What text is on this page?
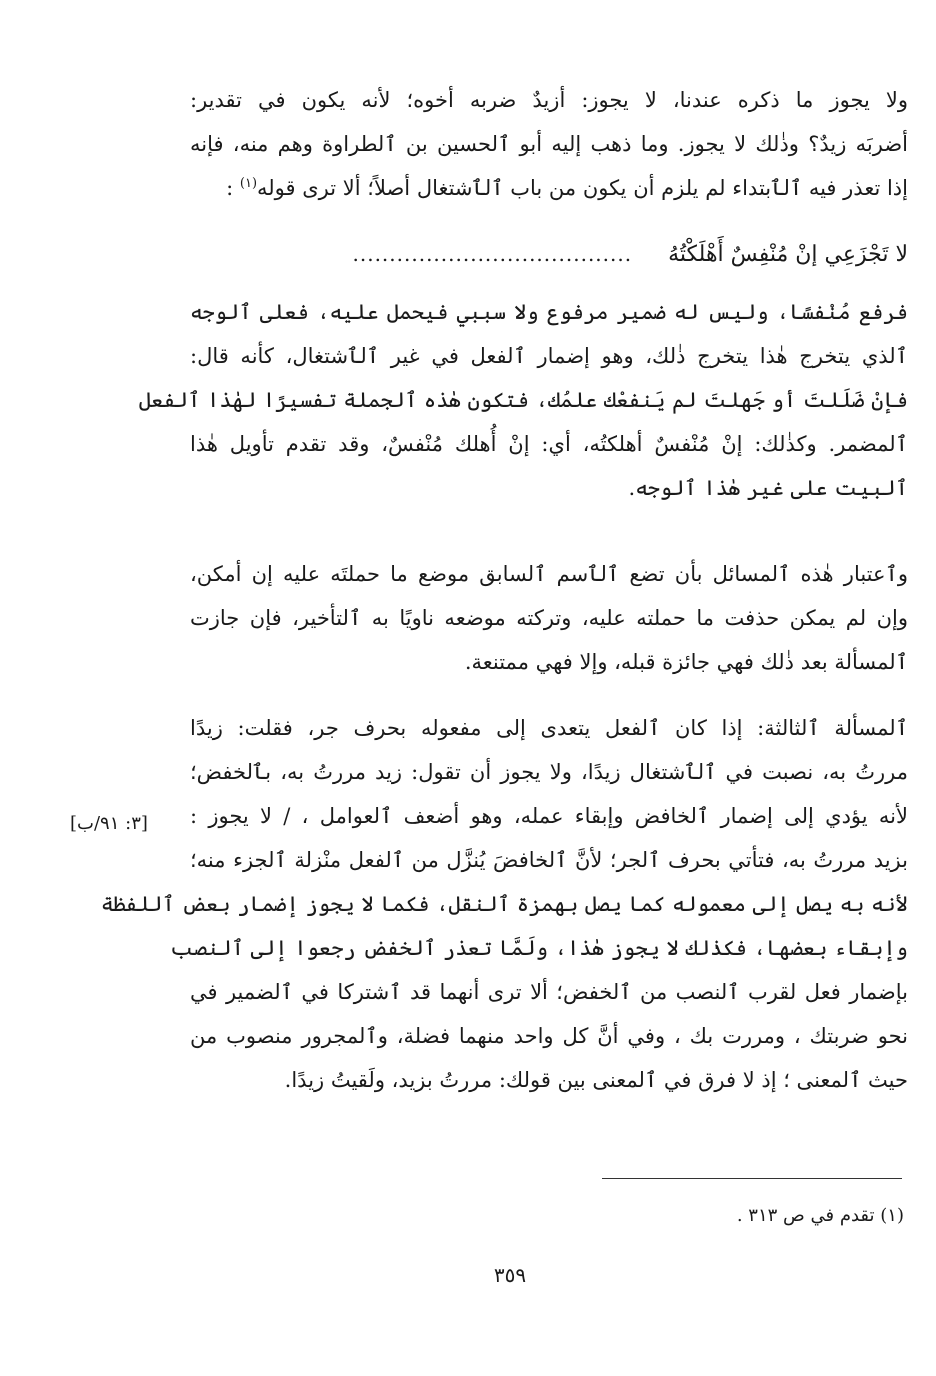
ولا يجوز ما ذكره عندنا، لا يجوز: أزيدٌ ضربه أخوه؛ لأنه يكون في تقدير:
أضربَه زيدٌ؟ وذٰلك لا يجوز. وما ذهب إليه أبو ٱلحسين بن ٱلطراوة وهم منه، فإنه
إذا تعذر فيه ٱلٱبتداء لم يلزم أن يكون من باب ٱلٱشتغال أصلاً؛ ألا ترى قوله$^{(١)}$ :
لا تَجْزَعِي إنْ مُنْفِسٌ أَهْلَكْتُهُ
......................................
فرفع مُنْفسًا، وليس له ضمير مرفوع ولا سببي فيحمل عليه، فعلى ٱلوجه
ٱلذي يتخرج هٰذا يتخرج ذٰلك، وهو إضمار ٱلفعل في غير ٱلٱشتغال، كأنه قال:
فإنْ ضَلَلتَ أو جَهلتَ لم يَنفعْك علمُك، فتكون هٰذه ٱلجملة تفسيرًا لهٰذا ٱلفعل
ٱلمضمر. وكذٰلك: إنْ مُنْفسٌ أهلكتُه، أي: إنْ أُهلك مُنْفسٌ، وقد تقدم تأويل هٰذا
ٱلبيت على غير هٰذا ٱلوجه.
وٱعتبار هٰذه ٱلمسائل بأن تضع ٱلٱسم ٱلسابق موضع ما حملتَه عليه إن أمكن،
وإن لم يمكن حذفت ما حملته عليه، وتركته موضعه ناويًا به ٱلتأخير، فإن جازت
ٱلمسألة بعد ذٰلك فهي جائزة قبله، وإلا فهي ممتنعة.
ٱلمسألة ٱلثالثة: إذا كان ٱلفعل يتعدى إلى مفعوله بحرف جر، فقلت: زيدًا
مررتُ به، نصبت في ٱلٱشتغال زيدًا، ولا يجوز أن تقول: زيد مررتُ به، بٱلخفض؛
لأنه يؤدي إلى إضمار ٱلخافض وإبقاء عمله، وهو أضعف ٱلعوامل ، / لا يجوز :
بزيد مررتُ به، فتأتي بحرف ٱلجر؛ لأنَّ ٱلخافضَ يُنزَّل من ٱلفعل منْزلة ٱلجزء منه؛
لأنه به يصل إلى معموله كما يصل بهمزة ٱلنقل، فكما لا يجوز إضمار بعض ٱللفظة
وإبقاء بعضها، فكذٰلك لا يجوز هٰذا، ولَمَّا تعذر ٱلخفض رجعوا إلى ٱلنصب
بإضمار فعل لقرب ٱلنصب من ٱلخفض؛ ألا ترى أنهما قد ٱشتركا في ٱلضمير في
نحو ضربتك ، ومررت بك ، وفي أنَّ كل واحد منهما فضلة، وٱلمجرور منصوب من
حيث ٱلمعنى ؛ إذ لا فرق في ٱلمعنى بين قولك: مررتُ بزيد، ولَقيتُ زيدًا.
[٣: ٩١/ب]
(١) تقدم في ص ٣١٣ .
٣٥٩
